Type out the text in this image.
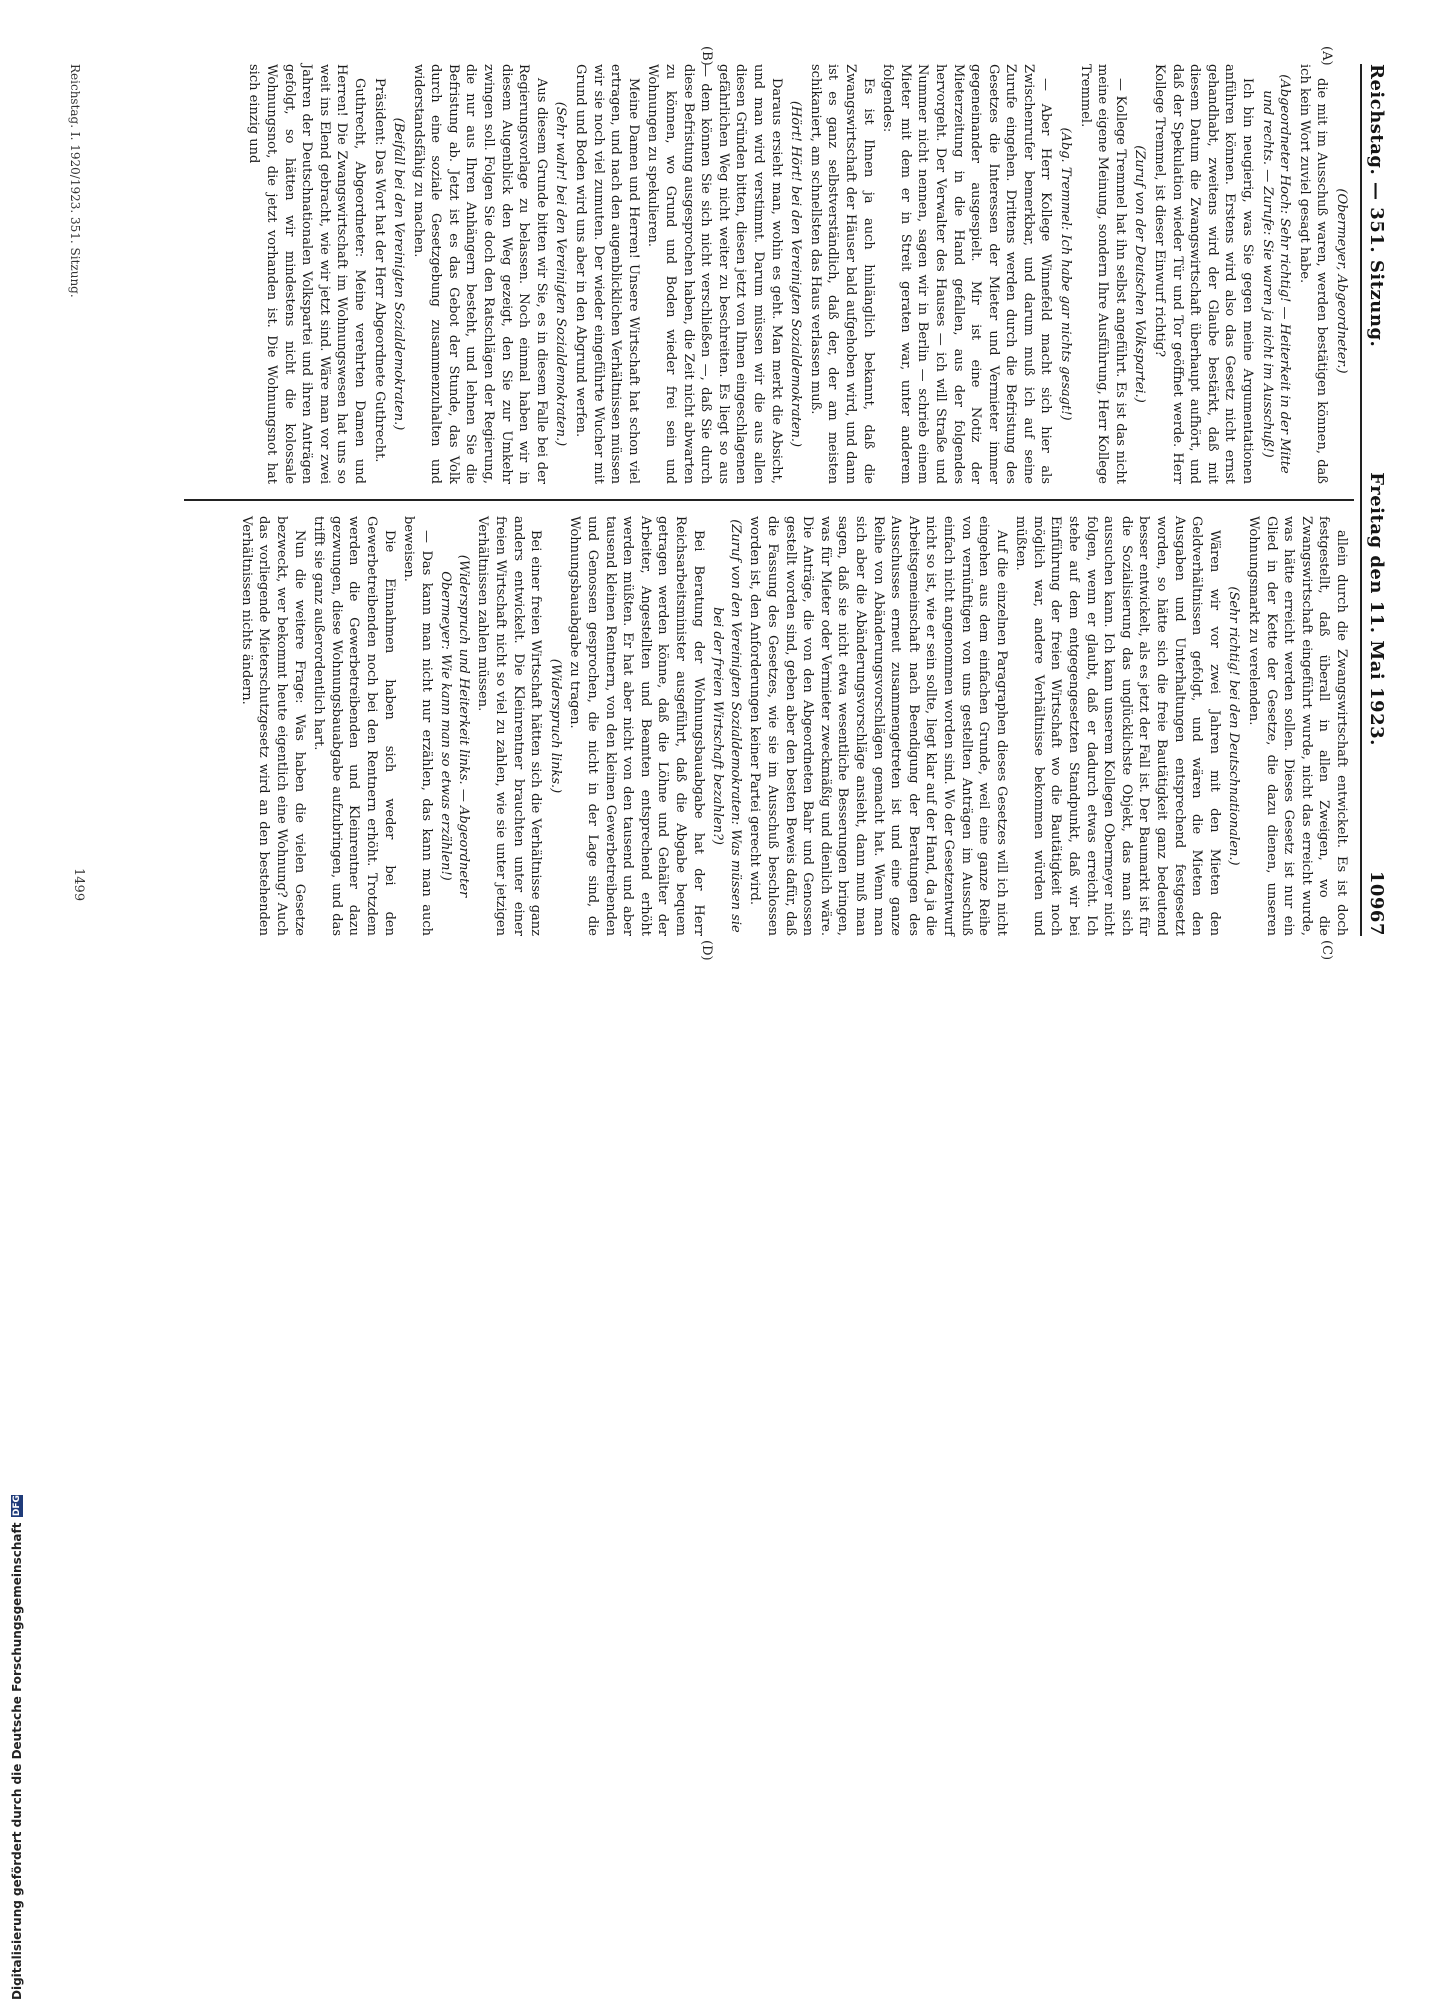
Reichstag. — 351. Sitzung.
Freitag den 11. Mai 1923.
10967

(Obermeyer, Abgeordneter.)

die mit im Ausschuß waren, werden bestätigen können, daß ich kein Wort zuviel gesagt habe.

(Abgeordneter Hoch: Sehr richtig! — Heiterkeit in der Mitte und rechts. — Zurufe: Sie waren ja nicht im Ausschuß!)

Ich bin neugierig, was Sie gegen meine Argumentationen anführen können. Erstens wird also das Gesetz nicht ernst gehandhabt, zweitens wird der Glaube bestärkt, daß mit diesem Datum die Zwangswirtschaft überhaupt aufhört, und daß der Spekulation wieder Tür und Tor geöffnet werde. Herr Kollege Tremmel, ist dieser Einwurf richtig?

(Zuruf von der Deutschen Volkspartei.)

— Kollege Tremmel hat ihn selbst angeführt. Es ist das nicht meine eigene Meinung, sondern Ihre Ausführung, Herr Kollege Tremmel.

(Abg. Tremmel: Ich habe gar nichts gesagt!)

— Aber Herr Kollege Winnefeld macht sich hier als Zwischenrufer bemerkbar, und darum muß ich auf seine Zurufe eingehen. Drittens werden durch die Befristung des Gesetzes die Interessen der Mieter und Vermieter immer gegeneinander ausgespielt. Mir ist eine Notiz der Mieterzeitung in die Hand gefallen, aus der folgendes hervorgeht. Der Verwalter des Hauses — ich will Straße und Nummer nicht nennen, sagen wir in Berlin — schrieb einem Mieter mit dem er in Streit geraten war, unter anderem folgendes:

Es ist Ihnen ja auch hinlänglich bekannt, daß die Zwangswirtschaft der Häuser bald aufgehoben wird, und dann ist es ganz selbstverständlich, daß der, der am meisten schikaniert, am schnellsten das Haus verlassen muß.

(Hört! Hört! bei den Vereinigten Sozialdemokraten.)

Daraus ersieht man, wohin es geht. Man merkt die Absicht, und man wird verstimmt. Darum müssen wir die aus allen diesen Gründen bitten, diesen jetzt von Ihnen eingeschlagenen gefährlichen Weg nicht weiter zu beschreiten. Es liegt so aus — dem können Sie sich nicht verschließen —, daß Sie durch diese Befristung ausgesprochen haben, die Zeit nicht abwarten zu können, wo Grund und Boden wieder frei sein und Wohnungen zu spekulieren.

Meine Damen und Herren! Unsere Wirtschaft hat schon viel ertragen, und nach den augenblicklichen Verhältnissen müssen wir sie noch viel zumuten. Der wieder eingeführte Wucher mit Grund und Boden wird uns aber in den Abgrund werfen.

(Sehr wahr! bei den Vereinigten Sozialdemokraten.)

Aus diesem Grunde bitten wir Sie, es in diesem Falle bei der Regierungsvorlage zu belassen. Noch einmal haben wir in diesem Augenblick den Weg gezeigt, den Sie zur Umkehr zwingen soll. Folgen Sie doch den Ratschlägen der Regierung, die nur aus Ihren Anhängern besteht, und lehnen Sie die Befristung ab. Jetzt ist es das Gebot der Stunde, das Volk durch eine soziale Gesetzgebung zusammenzuhalten und widerstandsfähig zu machen.

(Beifall bei den Vereinigten Sozialdemokraten.)

Präsident: Das Wort hat der Herr Abgeordnete Guthrecht.

Guthrecht, Abgeordneter: Meine verehrten Damen und Herren! Die Zwangswirtschaft im Wohnungswesen hat uns so weit ins Elend gebracht, wie wir jetzt sind. Wäre man vor zwei Jahren der Deutschnationalen Volkspartei und ihren Anträgen gefolgt, so hätten wir mindestens nicht die kolossale Wohnungsnot, die jetzt vorhanden ist. Die Wohnungsnot hat sich einzig und

allein durch die Zwangswirtschaft entwickelt. Es ist doch festgestellt, daß überall in allen Zweigen, wo die Zwangswirtschaft eingeführt wurde, nicht das erreicht wurde, was hätte erreicht werden sollen. Dieses Gesetz ist nur ein Glied in der Kette der Gesetze, die dazu dienen, unseren Wohnungsmarkt zu verelenden.

(Sehr richtig! bei den Deutschnationalen.)

Wären wir vor zwei Jahren mit den Mieten den Geldverhältnissen gefolgt, und wären die Mieten den Ausgaben und Unterhaltungen entsprechend festgesetzt worden, so hätte sich die freie Bautätigkeit ganz bedeutend besser entwickelt, als es jetzt der Fall ist. Der Baumarkt ist für die Sozialisierung das unglücklichste Objekt, das man sich aussuchen kann. Ich kann unserem Kollegen Obermeyer nicht folgen, wenn er glaubt, daß er dadurch etwas erreicht. Ich stehe auf dem entgegengesetzten Standpunkt, daß wir bei Einführung der freien Wirtschaft wo die Bautätigkeit noch möglich war, andere Verhältnisse bekommen würden und müßten.

Auf die einzelnen Paragraphen dieses Gesetzes will ich nicht eingehen aus dem einfachen Grunde, weil eine ganze Reihe von vernünftigen von uns gestellten Anträgen im Ausschuß einfach nicht angenommen worden sind. Wo der Gesetzentwurf nicht so ist, wie er sein sollte, liegt klar auf der Hand, da ja die Arbeitsgemeinschaft nach Beendigung der Beratungen des Ausschusses erneut zusammengetreten ist und eine ganze Reihe von Abänderungsvorschlägen gemacht hat. Wenn man sich aber die Abänderungsvorschläge ansieht, dann muß man sagen, daß sie nicht etwa wesentliche Besserungen bringen, was für Mieter oder Vermieter zweckmäßig und dienlich wäre. Die Anträge, die von den Abgeordneten Bahr und Genossen gestellt worden sind, geben aber den besten Beweis dafür, daß die Fassung des Gesetzes, wie sie im Ausschuß beschlossen worden ist, den Anforderungen keiner Partei gerecht wird.

(Zuruf von den Vereinigten Sozialdemokraten: Was müssen sie bei der freien Wirtschaft bezahlen?)

Bei Beratung der Wohnungsbauabgabe hat der Herr Reichsarbeitsminister ausgeführt, daß die Abgabe bequem getragen werden könne, daß die Löhne und Gehälter der Arbeiter, Angestellten und Beamten entsprechend erhöht werden müßten. Er hat aber nicht von den tausend und aber tausend kleinen Rentnern, von den kleinen Gewerbetreibenden und Genossen gesprochen, die nicht in der Lage sind, die Wohnungsbauabgabe zu tragen.

(Widerspruch links.)

Bei einer freien Wirtschaft hätten sich die Verhältnisse ganz anders entwickelt. Die Kleinrentner brauchten unter einer freien Wirtschaft nicht so viel zu zahlen, wie sie unter jetzigen Verhältnissen zahlen müssen.

(Widerspruch und Heiterkeit links. — Abgeordneter Obermeyer: Wie kann man so etwas erzählen!)

— Das kann man nicht nur erzählen, das kann man auch beweisen.

Die Einnahmen haben sich weder bei den Gewerbetreibenden noch bei den Rentnern erhöht. Trotzdem werden die Gewerbetreibenden und Kleinrentner dazu gezwungen, diese Wohnungsbauabgabe aufzubringen, und das trifft sie ganz außerordentlich hart.

Nun die weitere Frage: Was haben die vielen Gesetze bezweckt, wer bekommt heute eigentlich eine Wohnung? Auch das vorliegende Mieterschutzgesetz wird an den bestehenden Verhältnissen nichts ändern.

(A)
(B)
(C)
(D)
Reichstag. I. 1920/1923. 351. Sitzung.
1499
Digitalisierung gefördert durch die Deutsche Forschungsgemeinschaft
DFG
